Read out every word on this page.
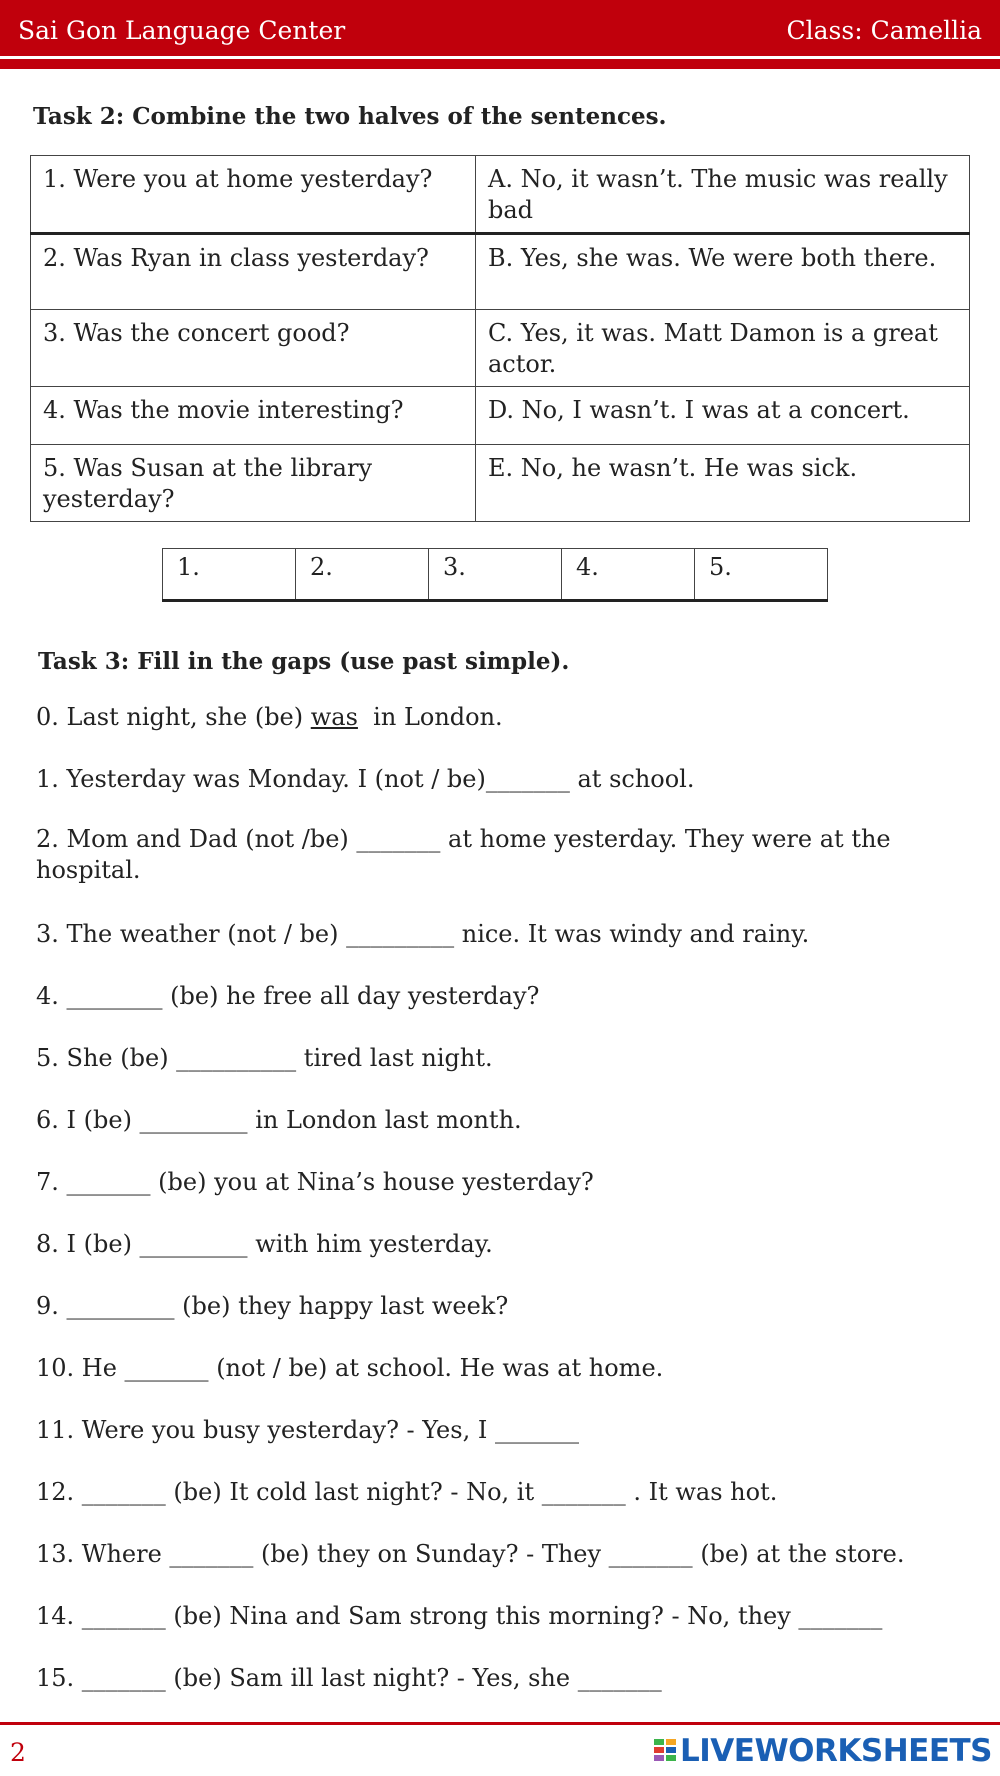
Sai Gon Language Center	Class: Camellia
Task 2: Combine the two halves of the sentences.
1. Were you at home yesterday?	A. No, it wasn’t. The music was really bad
2. Was Ryan in class yesterday?	B. Yes, she was. We were both there.
3. Was the concert good?	C. Yes, it was. Matt Damon is a great actor.
4. Was the movie interesting?	D. No, I wasn’t. I was at a concert.
5. Was Susan at the library yesterday?	E. No, he wasn’t. He was sick.
1.	2.	3.	4.	5.
Task 3: Fill in the gaps (use past simple).
0. Last night, she (be) was  in London.
1. Yesterday was Monday. I (not / be)_______ at school.
2. Mom and Dad (not /be) _______ at home yesterday. They were at the hospital.
3. The weather (not / be) _________ nice. It was windy and rainy.
4. ________ (be) he free all day yesterday?
5. She (be) __________ tired last night.
6. I (be) _________ in London last month.
7. _______ (be) you at Nina’s house yesterday?
8. I (be) _________ with him yesterday.
9. _________ (be) they happy last week?
10. He _______ (not / be) at school. He was at home.
11. Were you busy yesterday? - Yes, I _______
12. _______ (be) It cold last night? - No, it _______ . It was hot.
13. Where _______ (be) they on Sunday? - They _______ (be) at the store.
14. _______ (be) Nina and Sam strong this morning? - No, they _______
15. _______ (be) Sam ill last night? - Yes, she _______
2	LIVEWORKSHEETS
